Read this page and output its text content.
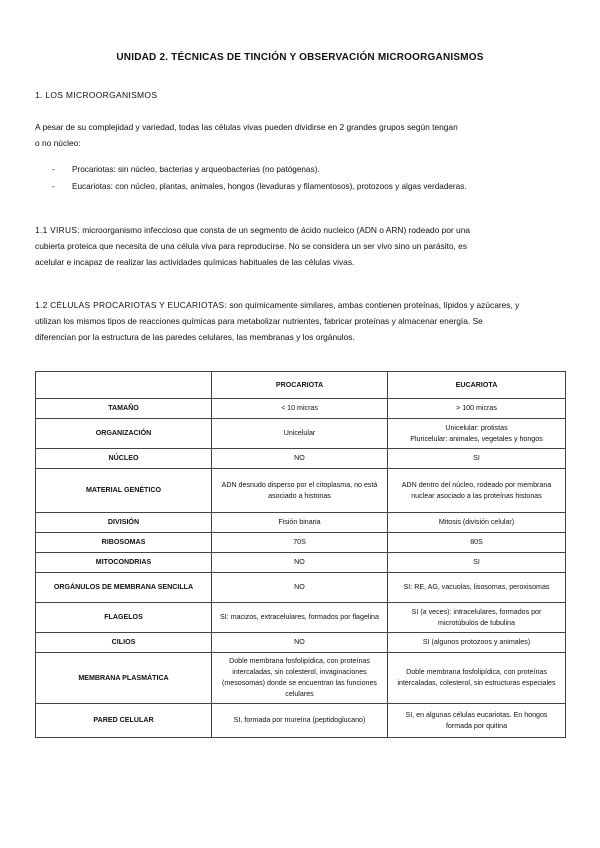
UNIDAD 2. TÉCNICAS DE TINCIÓN Y OBSERVACIÓN MICROORGANISMOS
1. LOS MICROORGANISMOS
A pesar de su complejidad y variedad, todas las células vivas pueden dividirse en 2 grandes grupos según tengan
o no núcleo:
- Procariotas: sin núcleo, bacterias y arqueobacterias (no patógenas).
- Eucariotas: con núcleo, plantas, animales, hongos (levaduras y filamentosos), protozoos y algas verdaderas.
1.1 VIRUS: microorganismo infeccioso que consta de un segmento de ácido nucleico (ADN o ARN) rodeado por una
cubierta proteica que necesita de una célula viva para reproducirse. No se considera un ser vivo sino un parásito, es
acelular e incapaz de realizar las actividades químicas habituales de las células vivas.
1.2 CÉLULAS PROCARIOTAS Y EUCARIOTAS: son químicamente similares, ambas contienen proteínas, lípidos y azúcares, y
utilizan los mismos tipos de reacciones químicas para metabolizar nutrientes, fabricar proteínas y almacenar energía. Se
diferencian por la estructura de las paredes celulares, las membranas y los orgánulos.
	PROCARIOTA	EUCARIOTA
TAMAÑO	< 10 micras	> 100 micras
ORGANIZACIÓN	Unicelular	Unicelular: protistas
Pluricelular: animales, vegetales y hongos
NÚCLEO	NO	SI
MATERIAL GENÉTICO	ADN desnudo disperso por el citoplasma, no está asociado a histonas	ADN dentro del núcleo, rodeado por membrana nuclear asociado a las proteínas histonas
DIVISIÓN	Fisión binaria	Mitosis (división celular)
RIBOSOMAS	70S	80S
MITOCONDRIAS	NO	SI
ORGÁNULOS DE MEMBRANA SENCILLA	NO	SI: RE, AG, vacuolas, lisosomas, peroxisomas
FLAGELOS	SI: macizos, extracelulares, formados por flagelina	SI (a veces): intracelulares, formados por microtúbulos de tubulina
CILIOS	NO	SI (algunos protozoos y animales)
MEMBRANA PLASMÁTICA	Doble membrana fosfolipídica, con proteínas intercaladas, sin colesterol, invaginaciones (mesosomas) donde se encuentran las funciones celulares	Doble membrana fosfolipídica, con proteínas intercaladas, colesterol, sin estructuras especiales
PARED CELULAR	SI, formada por mureína (peptidoglucano)	SI, en algunas células eucariotas. En hongos formada por quitina
